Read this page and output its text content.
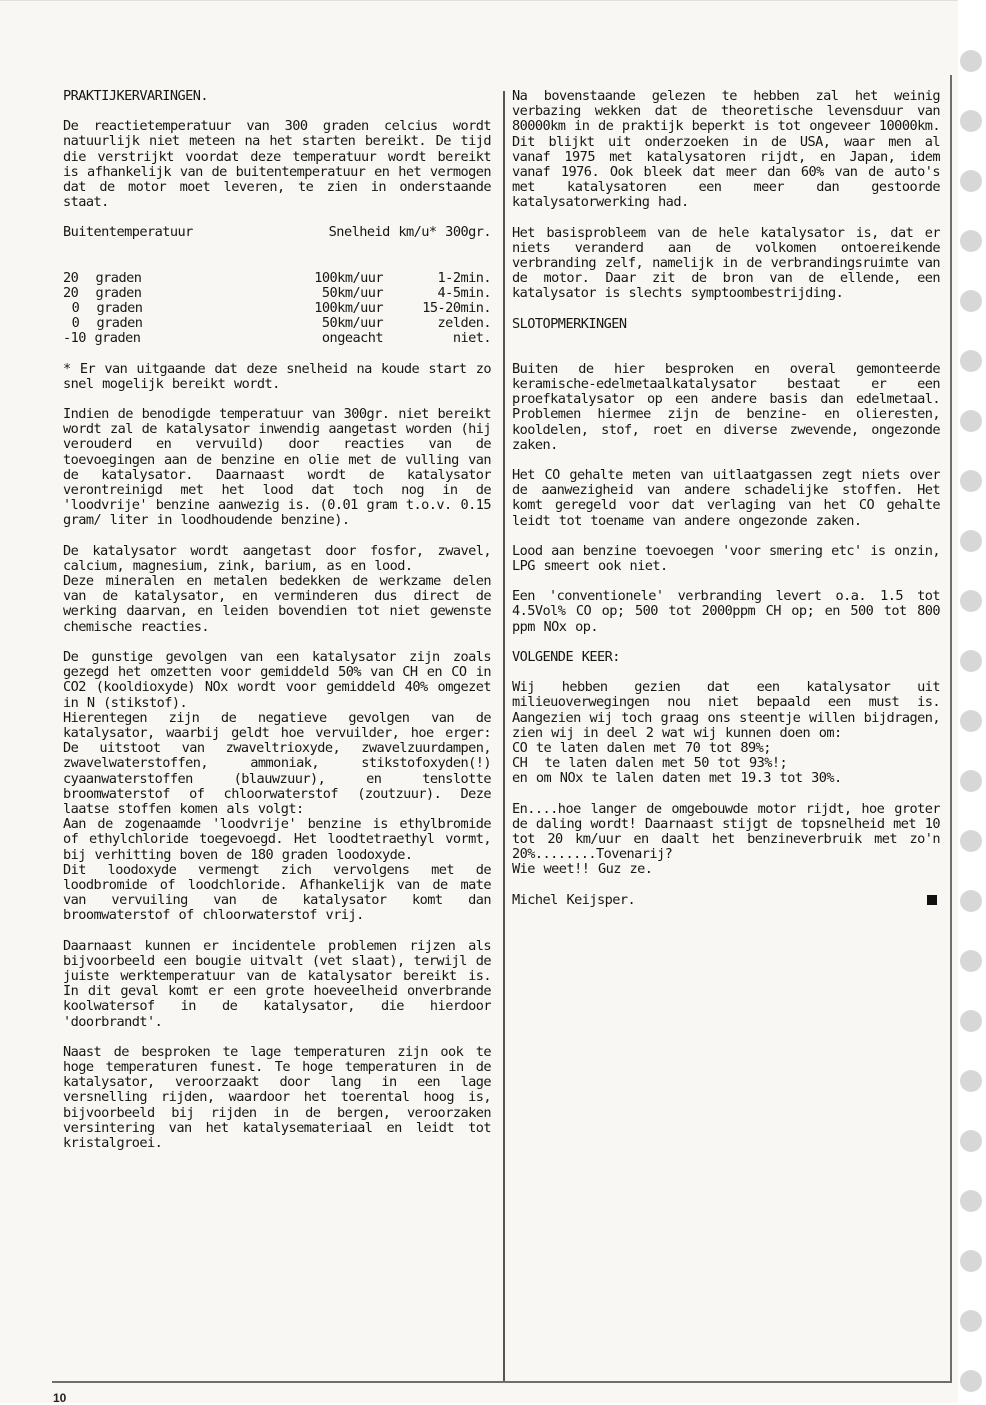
PRAKTIJKERVARINGEN.

De reactietemperatuur van 300 graden celcius wordt natuurlijk niet meteen na het starten bereikt. De tijd die verstrijkt voordat deze temperatuur wordt bereikt is afhankelijk van de buitentemperatuur en het vermogen dat de motor moet leveren, te zien in onderstaande staat.

Buitentemperatuur	Snelheid km/u* 300gr.
20  graden	100km/uur	1-2min.
20  graden	50km/uur	4-5min.
0  graden	100km/uur	15-20min.
0  graden	50km/uur	zelden.
-10 graden	ongeacht	niet.

* Er van uitgaande dat deze snelheid na koude start zo snel mogelijk bereikt wordt.

Indien de benodigde temperatuur van 300gr. niet bereikt wordt zal de katalysator inwendig aangetast worden (hij verouderd en vervuild) door reacties van de toevoegingen aan de benzine en olie met de vulling van de katalysator. Daarnaast wordt de katalysator verontreinigd met het lood dat toch nog in de 'loodvrije' benzine aanwezig is. (0.01 gram t.o.v. 0.15 gram/ liter in loodhoudende benzine).

De katalysator wordt aangetast door fosfor, zwavel, calcium, magnesium, zink, barium, as en lood.

Deze mineralen en metalen bedekken de werkzame delen van de katalysator, en verminderen dus direct de werking daarvan, en leiden bovendien tot niet gewenste chemische reacties.

De gunstige gevolgen van een katalysator zijn zoals gezegd het omzetten voor gemiddeld 50% van CH en CO in CO2 (kooldioxyde) NOx wordt voor gemiddeld 40% omgezet in N (stikstof).

Hierentegen zijn de negatieve gevolgen van de katalysator, waarbij geldt hoe vervuilder, hoe erger: De uitstoot van zwaveltrioxyde, zwavelzuurdampen, zwavelwaterstoffen, ammoniak, stikstofoxyden(!) cyaanwaterstoffen (blauwzuur), en tenslotte broomwaterstof of chloorwaterstof (zoutzuur). Deze laatse stoffen komen als volgt:

Aan de zogenaamde 'loodvrije' benzine is ethylbromide of ethylchloride toegevoegd. Het loodtetraethyl vormt, bij verhitting boven de 180 graden loodoxyde.

Dit loodoxyde vermengt zich vervolgens met de loodbromide of loodchloride. Afhankelijk van de mate van vervuiling van de katalysator komt dan broomwaterstof of chloorwaterstof vrij.

Daarnaast kunnen er incidentele problemen rijzen als bijvoorbeeld een bougie uitvalt (vet slaat), terwijl de juiste werktemperatuur van de katalysator bereikt is. In dit geval komt er een grote hoeveelheid onverbrande koolwatersof in de katalysator, die hierdoor 'doorbrandt'.

Naast de besproken te lage temperaturen zijn ook te hoge temperaturen funest. Te hoge temperaturen in de katalysator, veroorzaakt door lang in een lage versnelling rijden, waardoor het toerental hoog is, bijvoorbeeld bij rijden in de bergen, veroorzaken versintering van het katalysemateriaal en leidt tot kristalgroei.

Na bovenstaande gelezen te hebben zal het weinig verbazing wekken dat de theoretische levensduur van 80000km in de praktijk beperkt is tot ongeveer 10000km. Dit blijkt uit onderzoeken in de USA, waar men al vanaf 1975 met katalysatoren rijdt, en Japan, idem vanaf 1976. Ook bleek dat meer dan 60% van de auto's met katalysatoren een meer dan gestoorde katalysatorwerking had.

Het basisprobleem van de hele katalysator is, dat er niets veranderd aan de volkomen ontoereikende verbranding zelf, namelijk in de verbrandingsruimte van de motor. Daar zit de bron van de ellende, een katalysator is slechts symptoombestrijding.

SLOTOPMERKINGEN

Buiten de hier besproken en overal gemonteerde keramische-edelmetaalkatalysator bestaat er een proefkatalysator op een andere basis dan edelmetaal. Problemen hiermee zijn de benzine- en olieresten, kooldelen, stof, roet en diverse zwevende, ongezonde zaken.

Het CO gehalte meten van uitlaatgassen zegt niets over de aanwezigheid van andere schadelijke stoffen. Het komt geregeld voor dat verlaging van het CO gehalte leidt tot toename van andere ongezonde zaken.

Lood aan benzine toevoegen 'voor smering etc' is onzin, LPG smeert ook niet.

Een 'conventionele' verbranding levert o.a. 1.5 tot 4.5Vol% CO op; 500 tot 2000ppm CH op; en 500 tot 800 ppm NOx op.

VOLGENDE KEER:

Wij hebben gezien dat een katalysator uit milieuoverwegingen nou niet bepaald een must is. Aangezien wij toch graag ons steentje willen bijdragen, zien wij in deel 2 wat wij kunnen doen om:

CO te laten dalen met 70 tot 89%;
CH  te laten dalen met 50 tot 93%!;
en om NOx te lalen daten met 19.3 tot 30%.

En....hoe langer de omgebouwde motor rijdt, hoe groter de daling wordt! Daarnaast stijgt de topsnelheid met 10 tot 20 km/uur en daalt het benzineverbruik met zo'n 20%........Tovenarij?

Wie weet!! Guz ze.
Michel Keijsper.
10
